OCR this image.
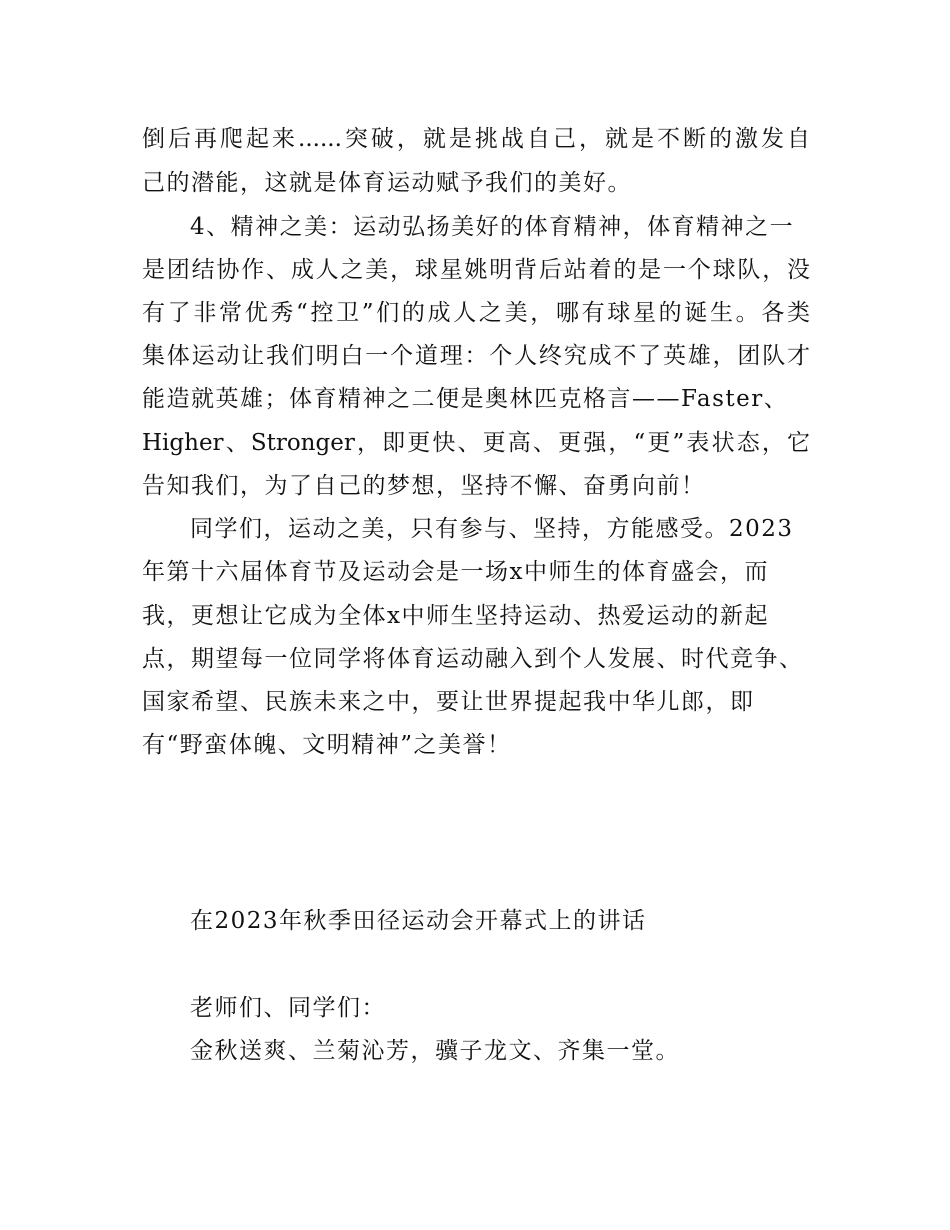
倒后再爬起来......突破，就是挑战自己，就是不断的激发自
己的潜能，这就是体育运动赋予我们的美好。
4、精神之美：运动弘扬美好的体育精神，体育精神之一
是团结协作、成人之美，球星姚明背后站着的是一个球队，没
有了非常优秀“控卫”们的成人之美，哪有球星的诞生。各类
集体运动让我们明白一个道理：个人终究成不了英雄，团队才
能造就英雄；体育精神之二便是奥林匹克格言——Faster、
Higher、Stronger，即更快、更高、更强，“更”表状态，它
告知我们，为了自己的梦想，坚持不懈、奋勇向前！
同学们，运动之美，只有参与、坚持，方能感受。2023
年第十六届体育节及运动会是一场x中师生的体育盛会，而
我，更想让它成为全体x中师生坚持运动、热爱运动的新起
点，期望每一位同学将体育运动融入到个人发展、时代竞争、
国家希望、民族未来之中，要让世界提起我中华儿郎，即
有“野蛮体魄、文明精神”之美誉！
在2023年秋季田径运动会开幕式上的讲话
老师们、同学们：
金秋送爽、兰菊沁芳，骥子龙文、齐集一堂。
